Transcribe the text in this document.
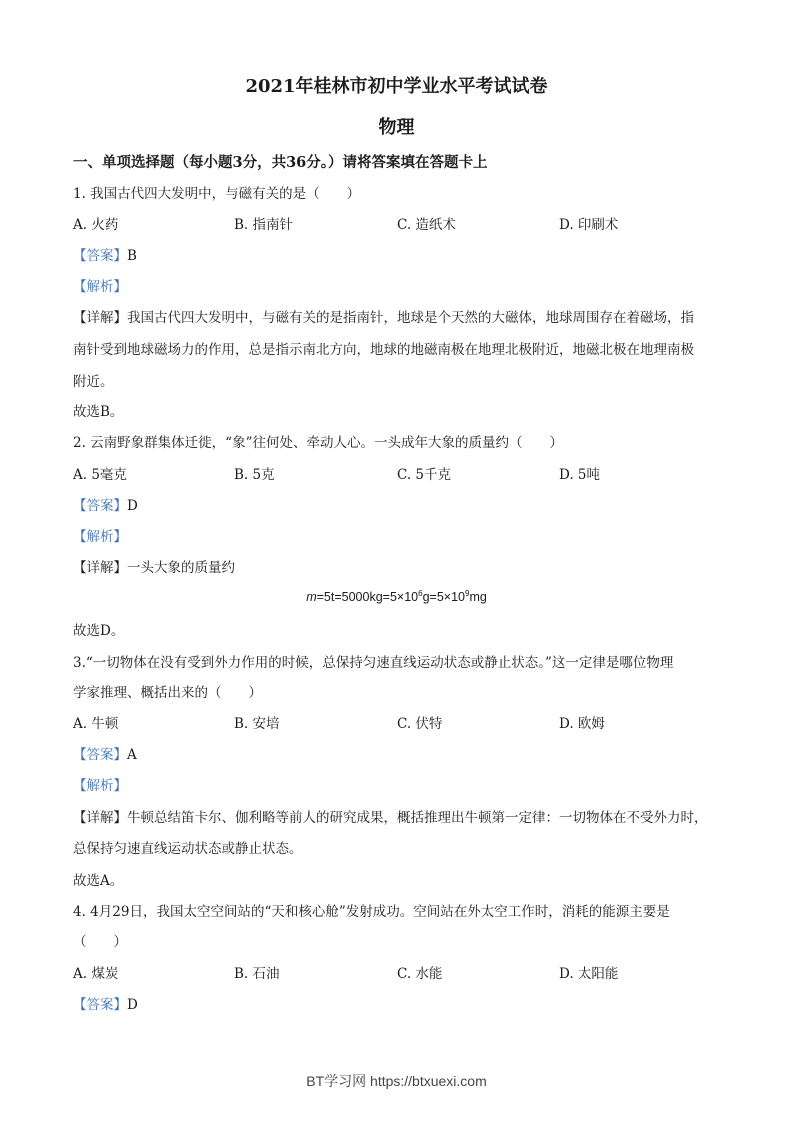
2021年桂林市初中学业水平考试试卷
物理
一、单项选择题（每小题3分，共36分。）请将答案填在答题卡上
1. 我国古代四大发明中，与磁有关的是（　　）
A. 火药	B. 指南针	C. 造纸术	D. 印刷术
【答案】B
【解析】
【详解】我国古代四大发明中，与磁有关的是指南针，地球是个天然的大磁体，地球周围存在着磁场，指
南针受到地球磁场力的作用，总是指示南北方向，地球的地磁南极在地理北极附近，地磁北极在地理南极
附近。
故选B。
2. 云南野象群集体迁徙，“象”往何处、牵动人心。一头成年大象的质量约（　　）
A. 5毫克	B. 5克	C. 5千克	D. 5吨
【答案】D
【解析】
【详解】一头大象的质量约
$m=5t=5000kg=5\times 10^6g=5\times 10^9mg$
故选D。
3.“一切物体在没有受到外力作用的时候，总保持匀速直线运动状态或静止状态。”这一定律是哪位物理
学家推理、概括出来的（　　）
A. 牛顿	B. 安培	C. 伏特	D. 欧姆
【答案】A
【解析】
【详解】牛顿总结笛卡尔、伽利略等前人的研究成果，概括推理出牛顿第一定律：一切物体在不受外力时，
总保持匀速直线运动状态或静止状态。
故选A。
4. 4月29日，我国太空空间站的“天和核心舱”发射成功。空间站在外太空工作时，消耗的能源主要是
（　　）
A. 煤炭	B. 石油	C. 水能	D. 太阳能
【答案】D
BT学习网 https://btxuexi.com
